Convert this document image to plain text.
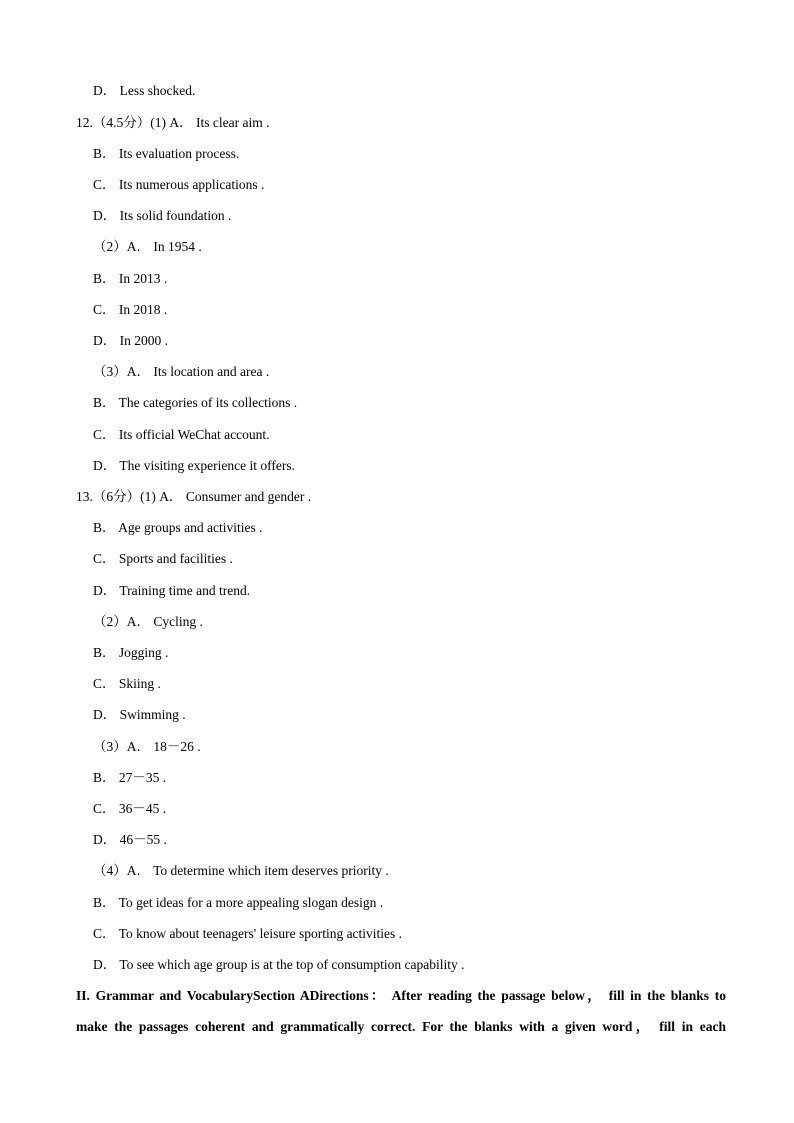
D． Less shocked.
12.（4.5分）(1) A． Its clear aim .
B． Its evaluation process.
C． Its numerous applications .
D． Its solid foundation .
（2）A． In 1954 .
B． In 2013 .
C． In 2018 .
D． In 2000 .
（3）A． Its location and area .
B． The categories of its collections .
C． Its official WeChat account.
D． The visiting experience it offers.
13.（6分）(1) A． Consumer and gender .
B． Age groups and activities .
C． Sports and facilities .
D． Training time and trend.
（2）A． Cycling .
B． Jogging .
C． Skiing .
D． Swimming .
（3）A． 18－26 .
B． 27－35 .
C． 36－45 .
D． 46－55 .
（4）A． To determine which item deserves priority .
B． To get ideas for a more appealing slogan design .
C． To know about teenagers' leisure sporting activities .
D． To see which age group is at the top of consumption capability .
II. Grammar and VocabularySection ADirections： After reading the passage below， fill in the blanks to
make the passages coherent and grammatically correct. For the blanks with a given word， fill in each
